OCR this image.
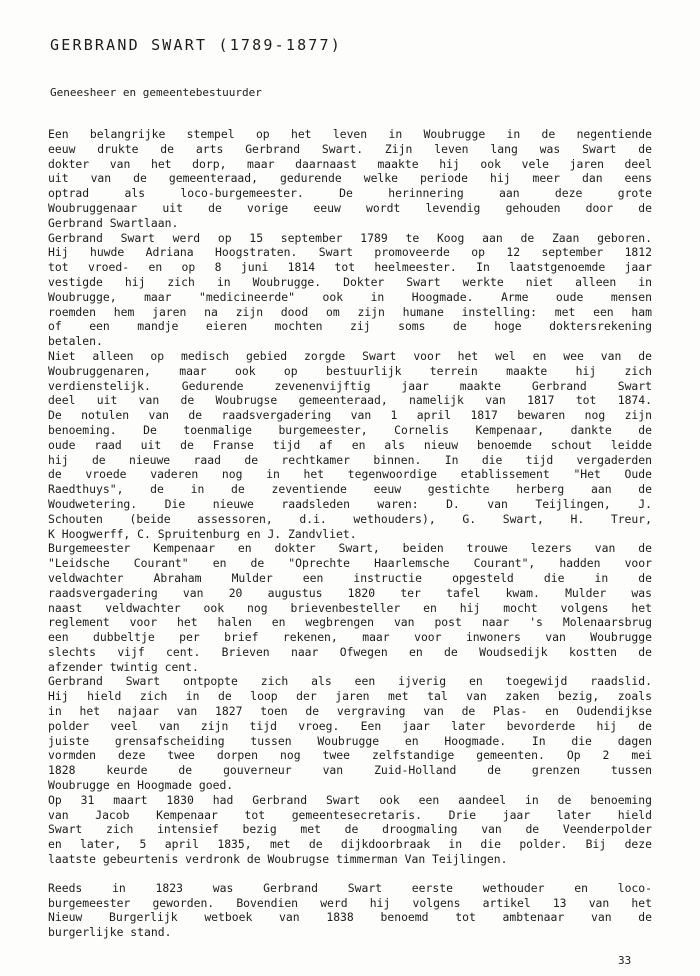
GERBRAND SWART (1789-1877)

Geneesheer en gemeentebestuurder

Een belangrijke stempel op het leven in Woubrugge in de negentiende
eeuw drukte de arts Gerbrand Swart. Zijn leven lang was Swart de
dokter van het dorp, maar daarnaast maakte hij ook vele jaren deel
uit van de gemeenteraad, gedurende welke periode hij meer dan eens
optrad als loco-burgemeester. De herinnering aan deze grote
Woubruggenaar uit de vorige eeuw wordt levendig gehouden door de
Gerbrand Swartlaan.

Gerbrand Swart werd op 15 september 1789 te Koog aan de Zaan geboren.
Hij huwde Adriana Hoogstraten. Swart promoveerde op 12 september 1812
tot vroed- en op 8 juni 1814 tot heelmeester. In laatstgenoemde jaar
vestigde hij zich in Woubrugge. Dokter Swart werkte niet alleen in
Woubrugge, maar "medicineerde" ook in Hoogmade. Arme oude mensen
roemden hem jaren na zijn dood om zijn humane instelling: met een ham
of een mandje eieren mochten zij soms de hoge doktersrekening
betalen.

Niet alleen op medisch gebied zorgde Swart voor het wel en wee van de
Woubruggenaren, maar ook op bestuurlijk terrein maakte hij zich
verdienstelijk. Gedurende zevenenvijftig jaar maakte Gerbrand Swart
deel uit van de Woubrugse gemeenteraad, namelijk van 1817 tot 1874.
De notulen van de raadsvergadering van 1 april 1817 bewaren nog zijn
benoeming. De toenmalige burgemeester, Cornelis Kempenaar, dankte de
oude raad uit de Franse tijd af en als nieuw benoemde schout leidde
hij de nieuwe raad de rechtkamer binnen. In die tijd vergaderden
de vroede vaderen nog in het tegenwoordige etablissement "Het Oude
Raedthuys", de in de zeventiende eeuw gestichte herberg aan de
Woudwetering. Die nieuwe raadsleden waren: D. van Teijlingen, J.
Schouten (beide assessoren, d.i. wethouders), G. Swart, H. Treur,
K Hoogwerff, C. Spruitenburg en J. Zandvliet.

Burgemeester Kempenaar en dokter Swart, beiden trouwe lezers van de
"Leidsche Courant" en de "Oprechte Haarlemsche Courant", hadden voor
veldwachter Abraham Mulder een instructie opgesteld die in de
raadsvergadering van 20 augustus 1820 ter tafel kwam. Mulder was
naast veldwachter ook nog brievenbesteller en hij mocht volgens het
reglement voor het halen en wegbrengen van post naar 's Molenaarsbrug
een dubbeltje per brief rekenen, maar voor inwoners van Woubrugge
slechts vijf cent. Brieven naar Ofwegen en de Woudsedijk kostten de
afzender twintig cent.

Gerbrand Swart ontpopte zich als een ijverig en toegewijd raadslid.
Hij hield zich in de loop der jaren met tal van zaken bezig, zoals
in het najaar van 1827 toen de vergraving van de Plas- en Oudendijkse
polder veel van zijn tijd vroeg. Een jaar later bevorderde hij de
juiste grensafscheiding tussen Woubrugge en Hoogmade. In die dagen
vormden deze twee dorpen nog twee zelfstandige gemeenten. Op 2 mei
1828 keurde de gouverneur van Zuid-Holland de grenzen tussen
Woubrugge en Hoogmade goed.

Op 31 maart 1830 had Gerbrand Swart ook een aandeel in de benoeming
van Jacob Kempenaar tot gemeentesecretaris. Drie jaar later hield
Swart zich intensief bezig met de droogmaling van de Veenderpolder
en later, 5 april 1835, met de dijkdoorbraak in die polder. Bij deze
laatste gebeurtenis verdronk de Woubrugse timmerman Van Teijlingen.

Reeds in 1823 was Gerbrand Swart eerste wethouder en loco-
burgemeester geworden. Bovendien werd hij volgens artikel 13 van het
Nieuw Burgerlijk wetboek van 1838 benoemd tot ambtenaar van de
burgerlijke stand.

33
